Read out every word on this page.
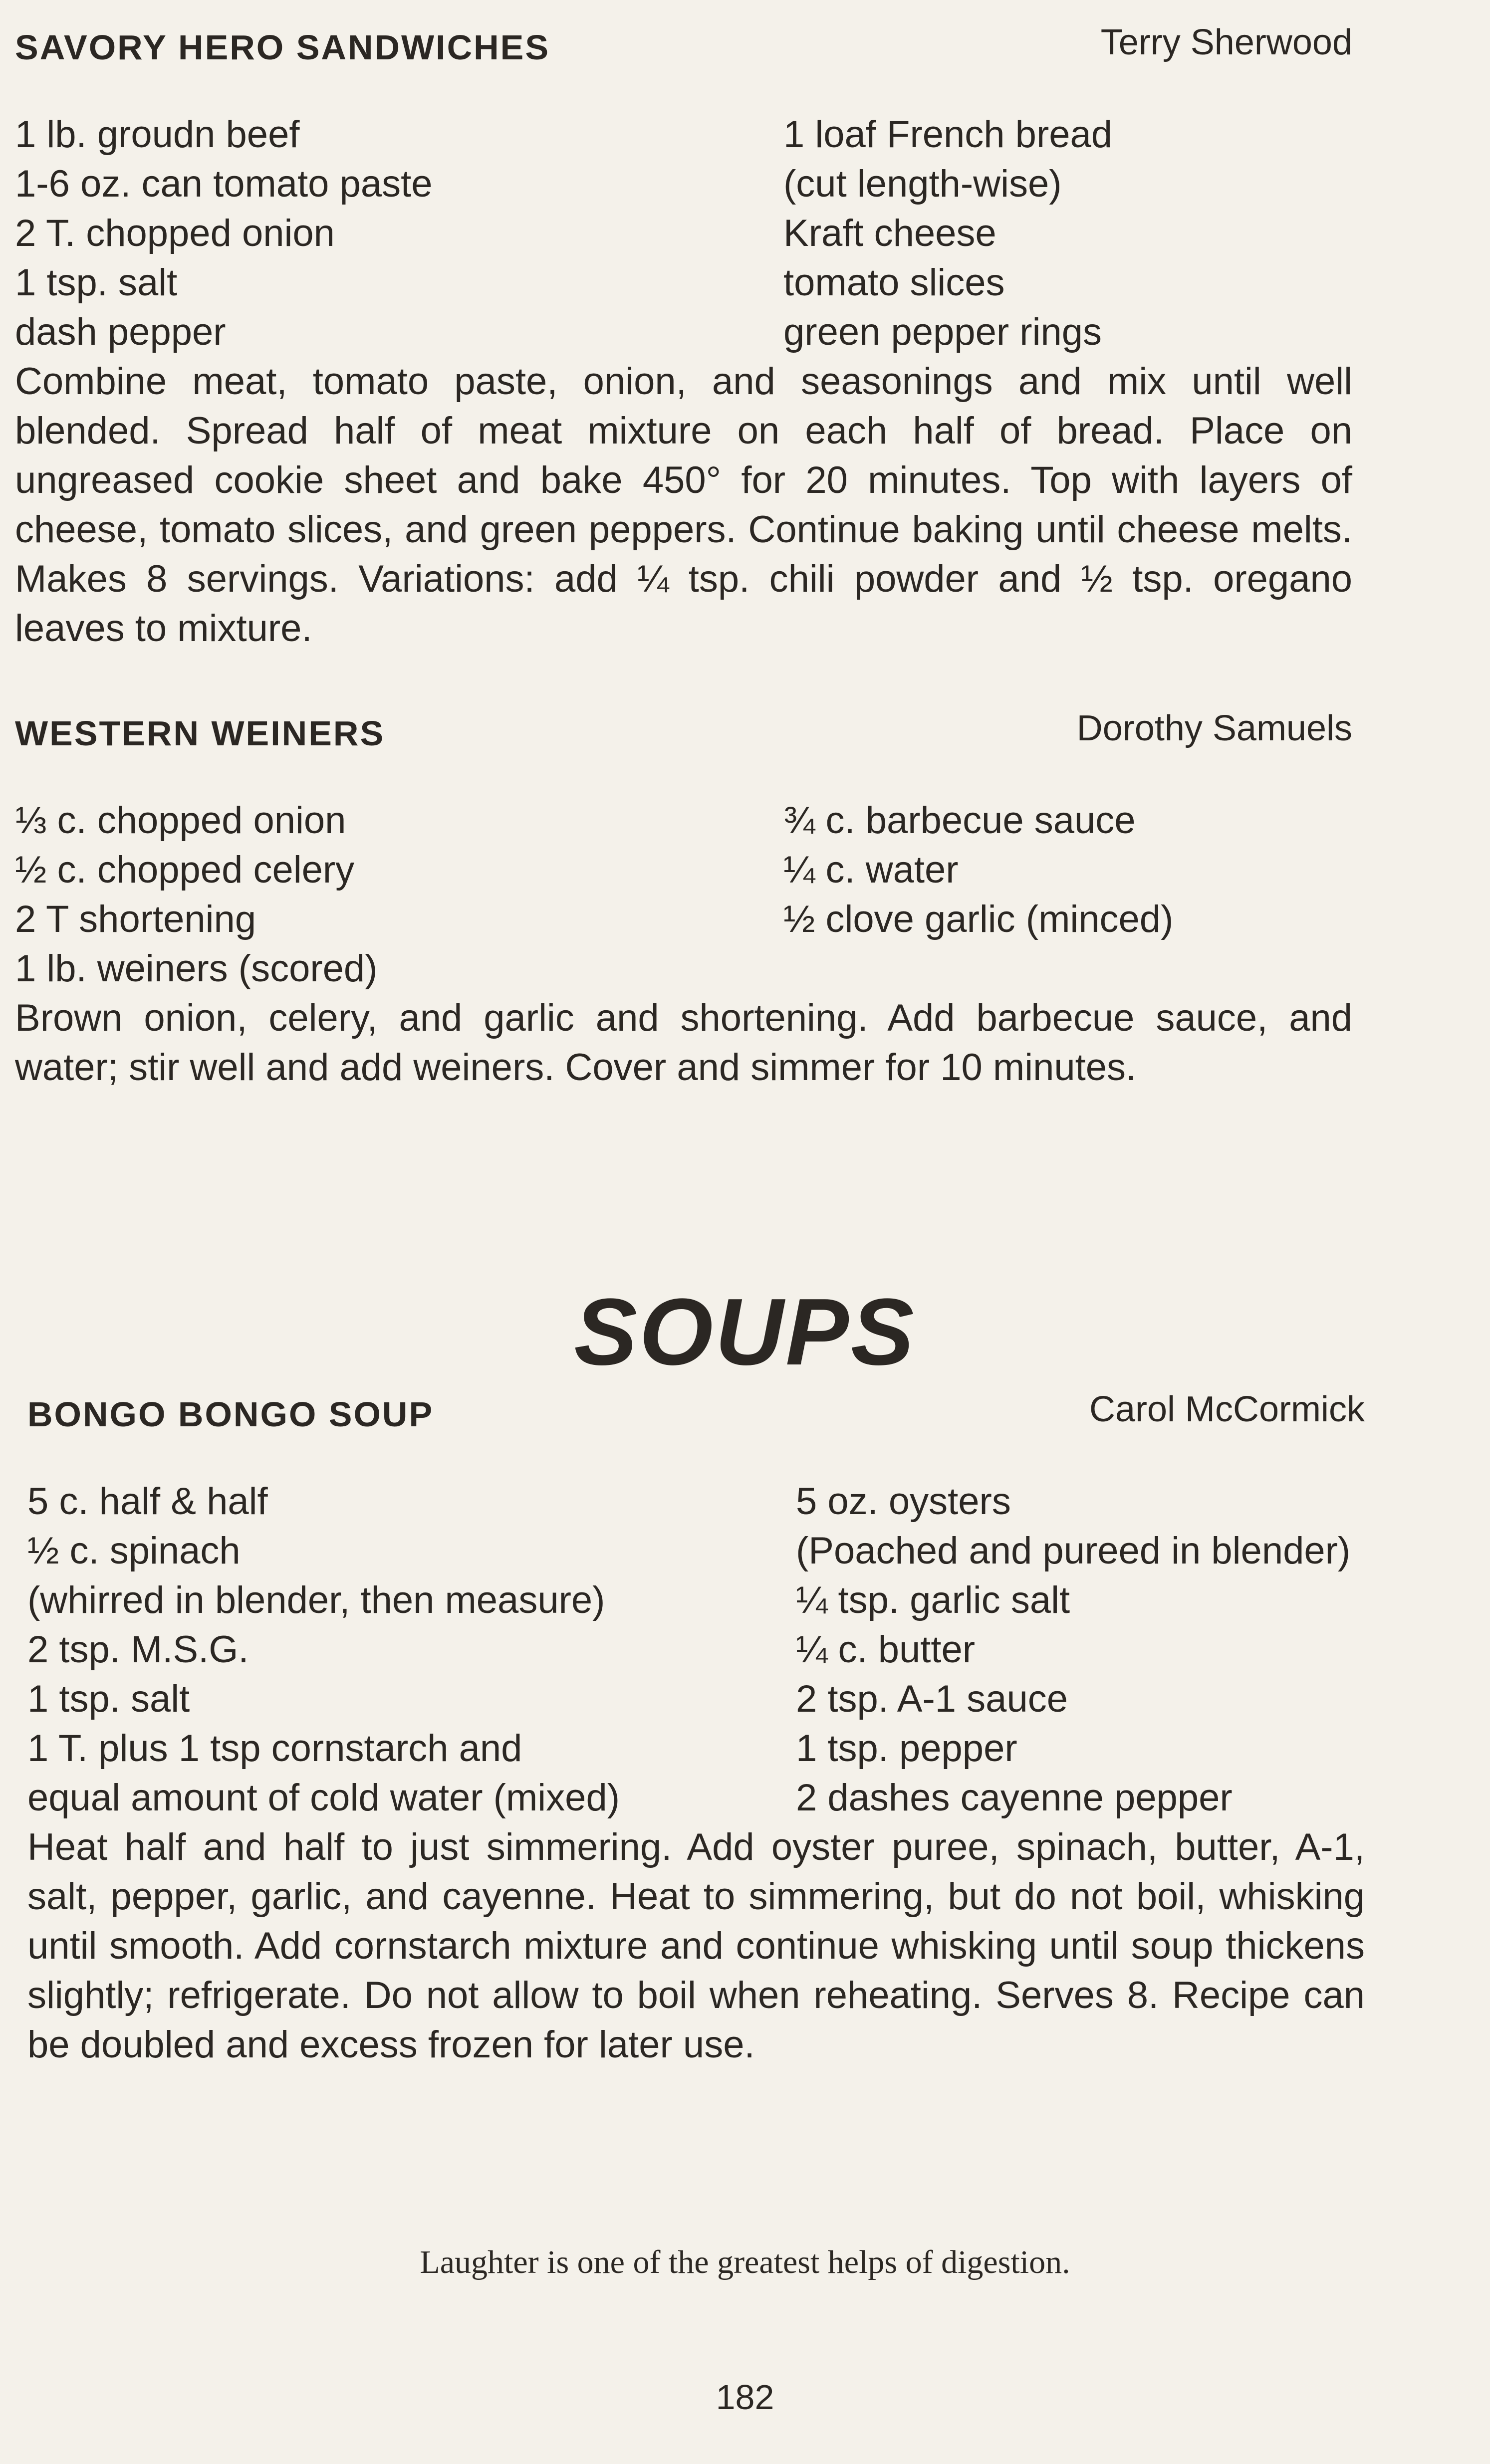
SAVORY HERO SANDWICHES	Terry Sherwood
1 lb. groudn beef
1-6 oz. can tomato paste
2 T. chopped onion
1 tsp. salt
dash pepper
1 loaf French bread
(cut length-wise)
Kraft cheese
tomato slices
green pepper rings

Combine meat, tomato paste, onion, and seasonings and mix until well blended. Spread half of meat mixture on each half of bread. Place on ungreased cookie sheet and bake 450° for 20 minutes. Top with layers of cheese, tomato slices, and green peppers. Continue baking until cheese melts. Makes 8 servings. Variations: add ¼ tsp. chili powder and ½ tsp. oregano leaves to mixture.

WESTERN WEINERS	Dorothy Samuels
⅓ c. chopped onion
½ c. chopped celery
2 T shortening
1 lb. weiners (scored)
¾ c. barbecue sauce
¼ c. water
½ clove garlic (minced)

Brown onion, celery, and garlic and shortening. Add barbecue sauce, and water; stir well and add weiners. Cover and simmer for 10 minutes.

SOUPS
BONGO BONGO SOUP	Carol McCormick
5 c. half & half
½ c. spinach
(whirred in blender, then measure)
2 tsp. M.S.G.
1 tsp. salt
1 T. plus 1 tsp cornstarch and
equal amount of cold water (mixed)
5 oz. oysters
(Poached and pureed in blender)
¼ tsp. garlic salt
¼ c. butter
2 tsp. A-1 sauce
1 tsp. pepper
2 dashes cayenne pepper

Heat half and half to just simmering. Add oyster puree, spinach, butter, A-1, salt, pepper, garlic, and cayenne. Heat to simmering, but do not boil, whisking until smooth. Add cornstarch mixture and continue whisking until soup thickens slightly; refrigerate. Do not allow to boil when reheating. Serves 8. Recipe can be doubled and excess frozen for later use.

Laughter is one of the greatest helps of digestion.
182
